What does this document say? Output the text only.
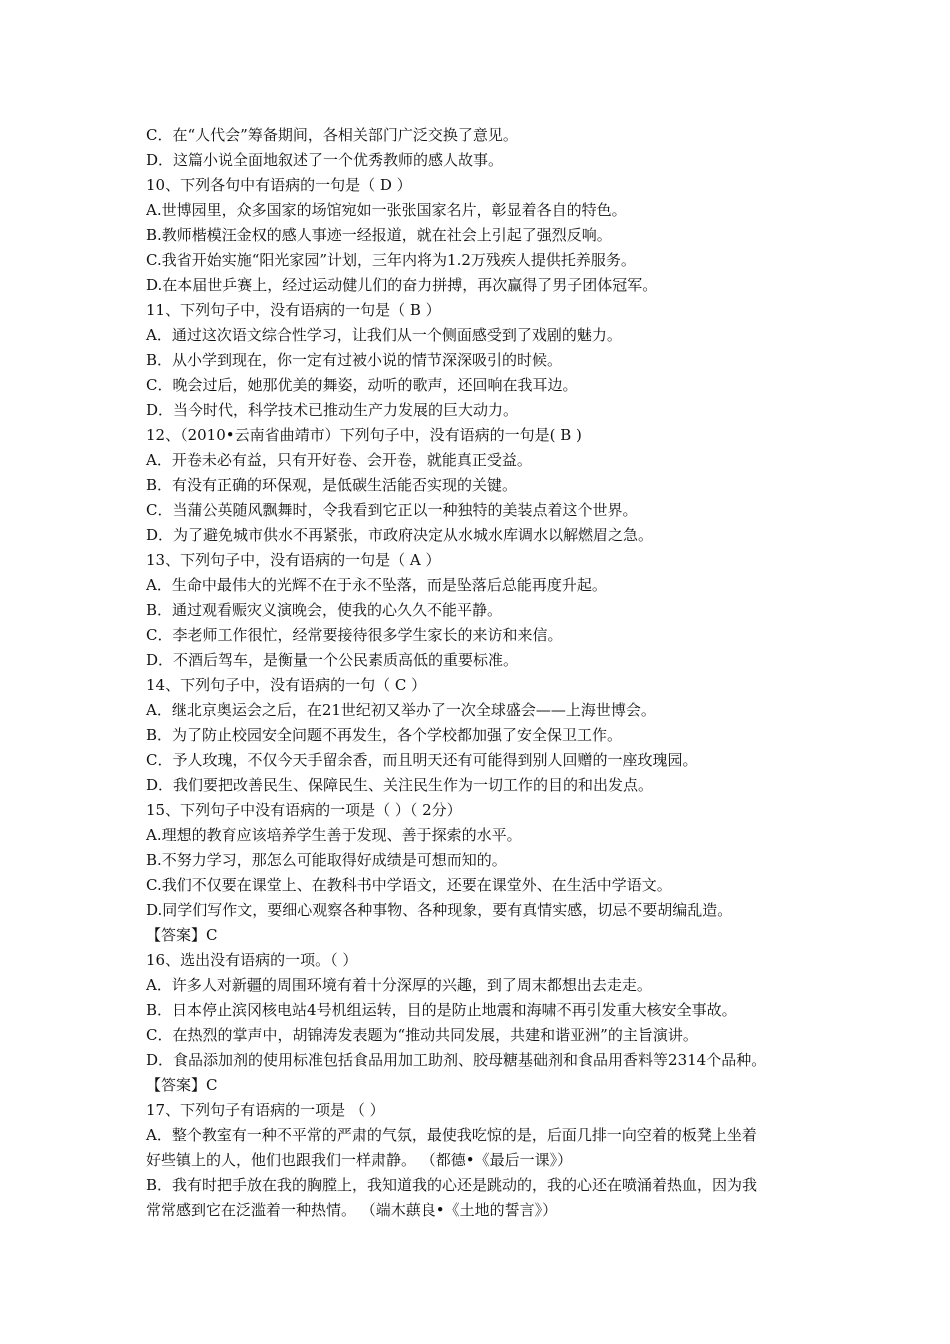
C．在“人代会”筹备期间，各相关部门广泛交换了意见。
D．这篇小说全面地叙述了一个优秀教师的感人故事。
10、下列各句中有语病的一句是（ D ）
A.世博园里，众多国家的场馆宛如一张张国家名片，彰显着各自的特色。
B.教师楷模汪金权的感人事迹一经报道，就在社会上引起了强烈反响。
C.我省开始实施“阳光家园”计划，三年内将为1.2万残疾人提供托养服务。
D.在本届世乒赛上，经过运动健儿们的奋力拼搏，再次赢得了男子团体冠军。
11、下列句子中，没有语病的一句是（ B ）
A．通过这次语文综合性学习，让我们从一个侧面感受到了戏剧的魅力。
B．从小学到现在，你一定有过被小说的情节深深吸引的时候。
C．晚会过后，她那优美的舞姿，动听的歌声，还回响在我耳边。
D．当今时代，科学技术已推动生产力发展的巨大动力。
12、（2010•云南省曲靖市）下列句子中，没有语病的一句是( B )
A．开卷未必有益，只有开好卷、会开卷，就能真正受益。
B．有没有正确的环保观，是低碳生活能否实现的关键。
C．当蒲公英随风飘舞时，令我看到它正以一种独特的美装点着这个世界。
D．为了避免城市供水不再紧张，市政府决定从水城水库调水以解燃眉之急。
13、下列句子中，没有语病的一句是（ A ）
A．生命中最伟大的光辉不在于永不坠落，而是坠落后总能再度升起。
B．通过观看赈灾义演晚会，使我的心久久不能平静。
C．李老师工作很忙，经常要接待很多学生家长的来访和来信。
D．不酒后驾车，是衡量一个公民素质高低的重要标准。
14、下列句子中，没有语病的一句（ C ）
A．继北京奥运会之后，在21世纪初又举办了一次全球盛会——上海世博会。
B．为了防止校园安全问题不再发生，各个学校都加强了安全保卫工作。
C．予人玫瑰，不仅今天手留余香，而且明天还有可能得到别人回赠的一座玫瑰园。
D．我们要把改善民生、保障民生、关注民生作为一切工作的目的和出发点。
15、下列句子中没有语病的一项是（ ）（ 2分）
A.理想的教育应该培养学生善于发现、善于探索的水平。
B.不努力学习，那怎么可能取得好成绩是可想而知的。
C.我们不仅要在课堂上、在教科书中学语文，还要在课堂外、在生活中学语文。
D.同学们写作文，要细心观察各种事物、各种现象，要有真情实感，切忌不要胡编乱造。
【答案】C
16、选出没有语病的一项。（ ）
A．许多人对新疆的周围环境有着十分深厚的兴趣，到了周末都想出去走走。
B．日本停止滨冈核电站4号机组运转，目的是防止地震和海啸不再引发重大核安全事故。
C．在热烈的掌声中，胡锦涛发表题为“推动共同发展，共建和谐亚洲”的主旨演讲。
D．食品添加剂的使用标准包括食品用加工助剂、胶母糖基础剂和食品用香料等2314个品种。
【答案】C
17、下列句子有语病的一项是 （ ）
A．整个教室有一种不平常的严肃的气氛，最使我吃惊的是，后面几排一向空着的板凳上坐着
好些镇上的人，他们也跟我们一样肃静。 （都德•《最后一课》）
B．我有时把手放在我的胸膛上，我知道我的心还是跳动的，我的心还在喷涌着热血，因为我
常常感到它在泛滥着一种热情。 （端木蕻良•《土地的誓言》）
